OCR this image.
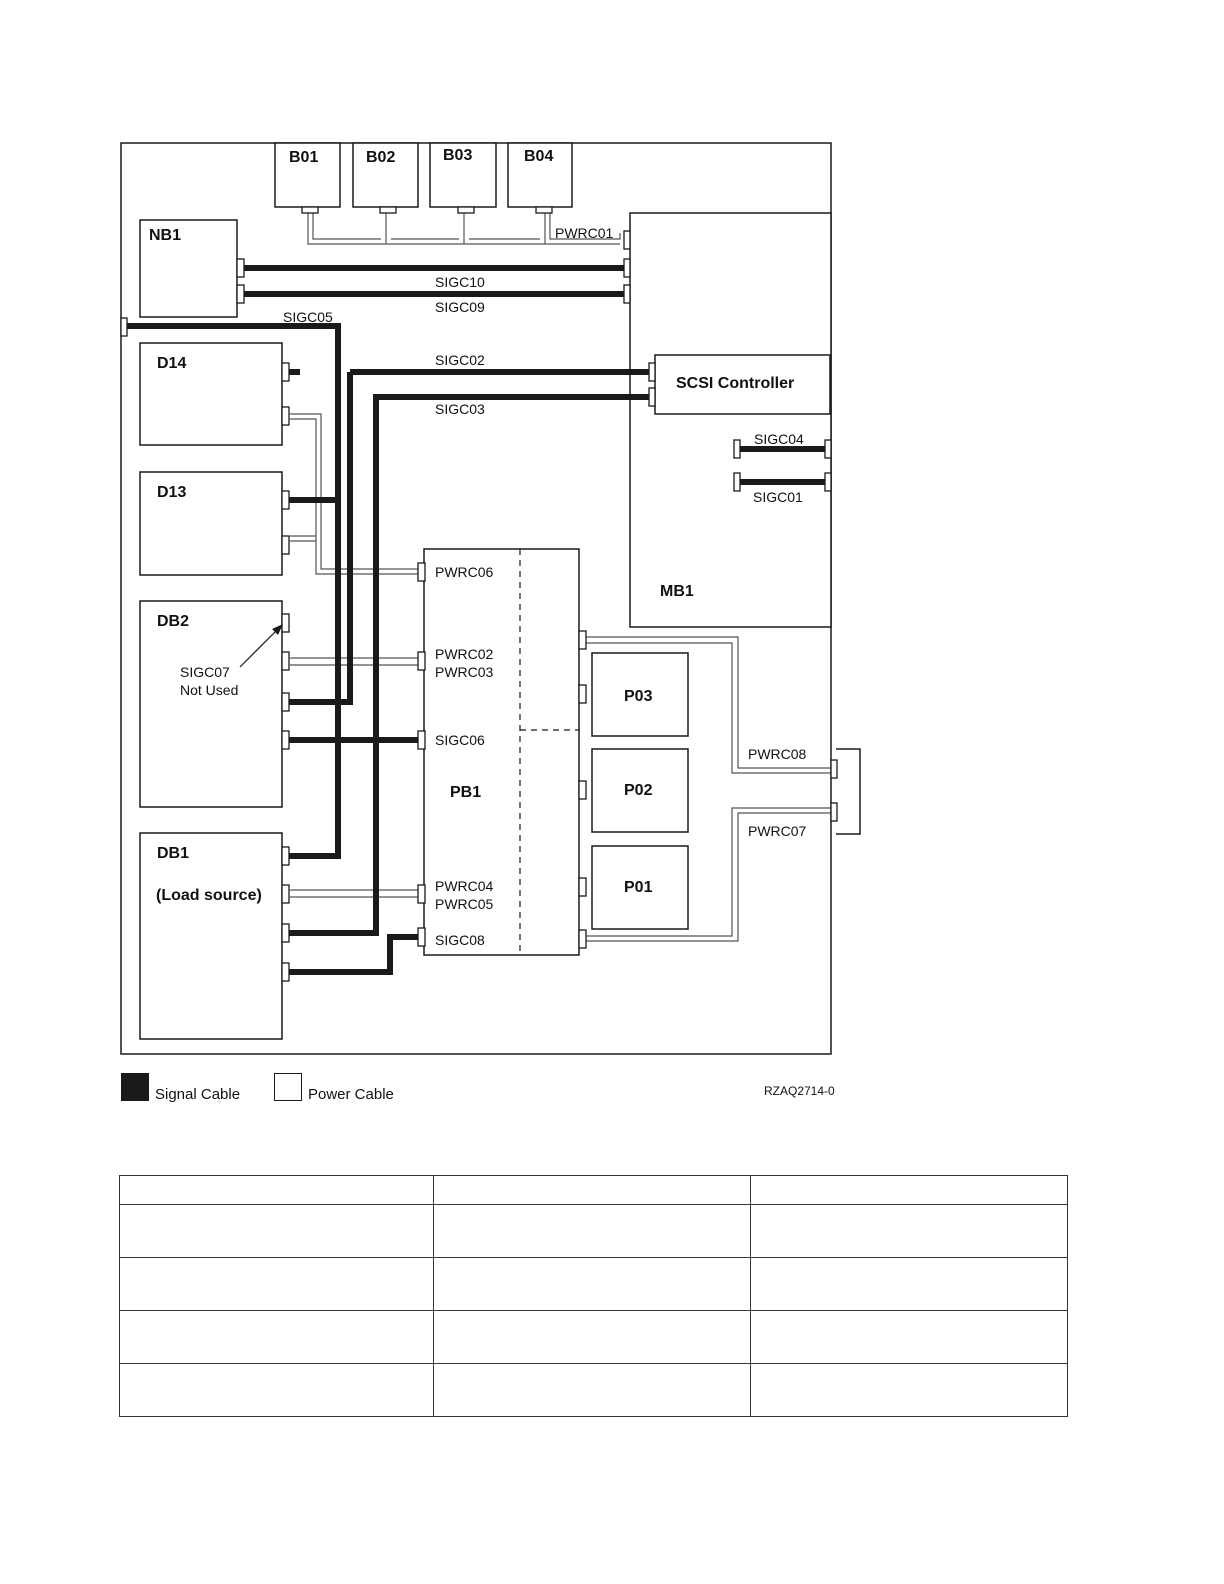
B01	B02	B03	B04
NB1
D14
D13
DB2
DB1
(Load source)
MB1
SCSI Controller
PB1
P03
P02
P01
PWRC01
SIGC10
SIGC09
SIGC05
SIGC02
SIGC03
SIGC04
SIGC01
PWRC06
PWRC02
PWRC03
SIGC06
PWRC04
PWRC05
SIGC08
PWRC08
PWRC07
SIGC07
Not Used
Signal Cable	Power Cable	RZAQ2714-0
